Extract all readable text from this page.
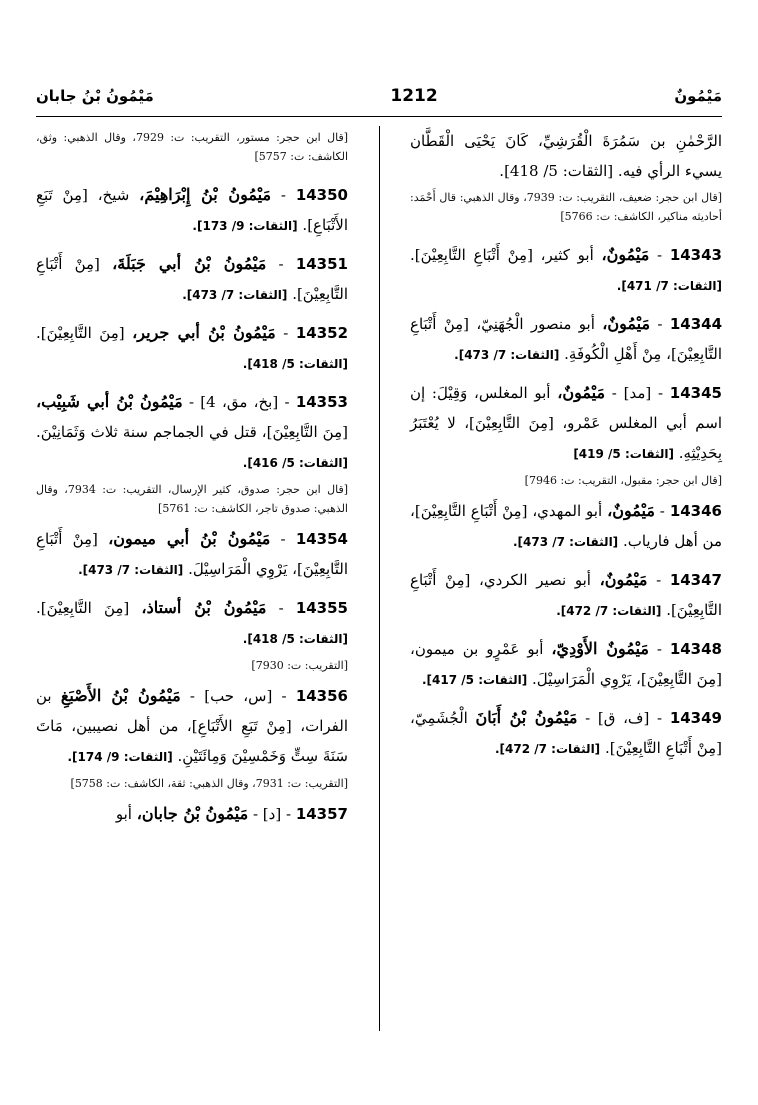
مَيْمُونٌ
1212
مَيْمُونُ بْنُ جابان

الرَّحْمٰنِ بن سَمُرَةَ الْقُرَشِيِّ، كَانَ يَحْيَى الْقَطَّان يسيء الرأي فيه. [الثقات: 5/ 418].

[قال ابن حجر: ضعيف، التقريب: ت: 7939، وقال الذهبي: قال أَحْمَد: أحاديثه مناكير، الكاشف: ت: 5766]

14343 - مَيْمُونٌ، أبو كثير، [مِنْ أَتْبَاعِ التَّابِعِيْنَ]. [الثقات: 7/ 471].

14344 - مَيْمُونٌ، أبو منصور الْجُهَنِيّ، [مِنْ أَتْبَاعِ التَّابِعِيْنَ]، مِنْ أَهْلِ الْكُوفَةِ. [الثقات: 7/ 473].

14345 - [مد] - مَيْمُونٌ، أبو المغلس، وَقِيْلَ: إن اسم أبي المغلس عَمْرو، [مِنَ التَّابِعِيْنَ]، لا يُعْتَبَرُ بِحَدِيْثِهِ. [الثقات: 5/ 419]

[قال ابن حجر: مقبول، التقريب: ت: 7946]

14346 - مَيْمُونٌ، أبو المهدي، [مِنْ أَتْبَاعِ التَّابِعِيْنَ]، من أهل فارياب. [الثقات: 7/ 473].

14347 - مَيْمُونٌ، أبو نصير الكردي، [مِنْ أَتْبَاعِ التَّابِعِيْنَ]. [الثقات: 7/ 472].

14348 - مَيْمُونٌ الأَوْدِيّ، أبو عَمْرٍو بن ميمون، [مِنَ التَّابِعِيْنَ]، يَرْوِي الْمَرَاسِيْلَ. [الثقات: 5/ 417].

14349 - [ف، ق] - مَيْمُونُ بْنُ أَبَانَ الْجُشَمِيّ، [مِنْ أَتْبَاعِ التَّابِعِيْنَ]. [الثقات: 7/ 472].

[قال ابن حجر: مستور، التقريب: ت: 7929، وقال الذهبي: وثق، الكاشف: ت: 5757]

14350 - مَيْمُونُ بْنُ إِبْرَاهِيْمَ، شيخ، [مِنْ تَبَعِ الأَتْبَاعِ]. [الثقات: 9/ 173].

14351 - مَيْمُونُ بْنُ أبي جَبَلَةَ، [مِنْ أَتْبَاعِ التَّابِعِيْنَ]. [الثقات: 7/ 473].

14352 - مَيْمُونُ بْنُ أبي جرير، [مِنَ التَّابِعِيْنَ]. [الثقات: 5/ 418].

14353 - [بخ، مق، 4] - مَيْمُونُ بْنُ أبي شَبِيْب، [مِنَ التَّابِعِيْنَ]، قتل في الجماجم سنة ثلاث وَثَمَانِيْنَ. [الثقات: 5/ 416].

[قال ابن حجر: صدوق، كثير الإرسال، التقريب: ت: 7934، وقال الذهبي: صدوق تاجر، الكاشف: ت: 5761]

14354 - مَيْمُونُ بْنُ أبي ميمون، [مِنْ أَتْبَاعِ التَّابِعِيْنَ]، يَرْوِي الْمَرَاسِيْلَ. [الثقات: 7/ 473].

14355 - مَيْمُونُ بْنُ أستاذ، [مِنَ التَّابِعِيْنَ]. [الثقات: 5/ 418].

[التقريب: ت: 7930]

14356 - [س، حب] - مَيْمُونُ بْنُ الأَصْبَغِ بن الفرات، [مِنْ تَبَعِ الأَتْبَاعِ]، من أهل نصيبين، مَاتَ سَنَةَ سِتٍّ وَخَمْسِيْنَ وَمِائَتَيْنِ. [الثقات: 9/ 174].

[التقريب: ت: 7931، وقال الذهبي: ثقة، الكاشف: ت: 5758]

14357 - [د] - مَيْمُونُ بْنُ جابان، أبو
